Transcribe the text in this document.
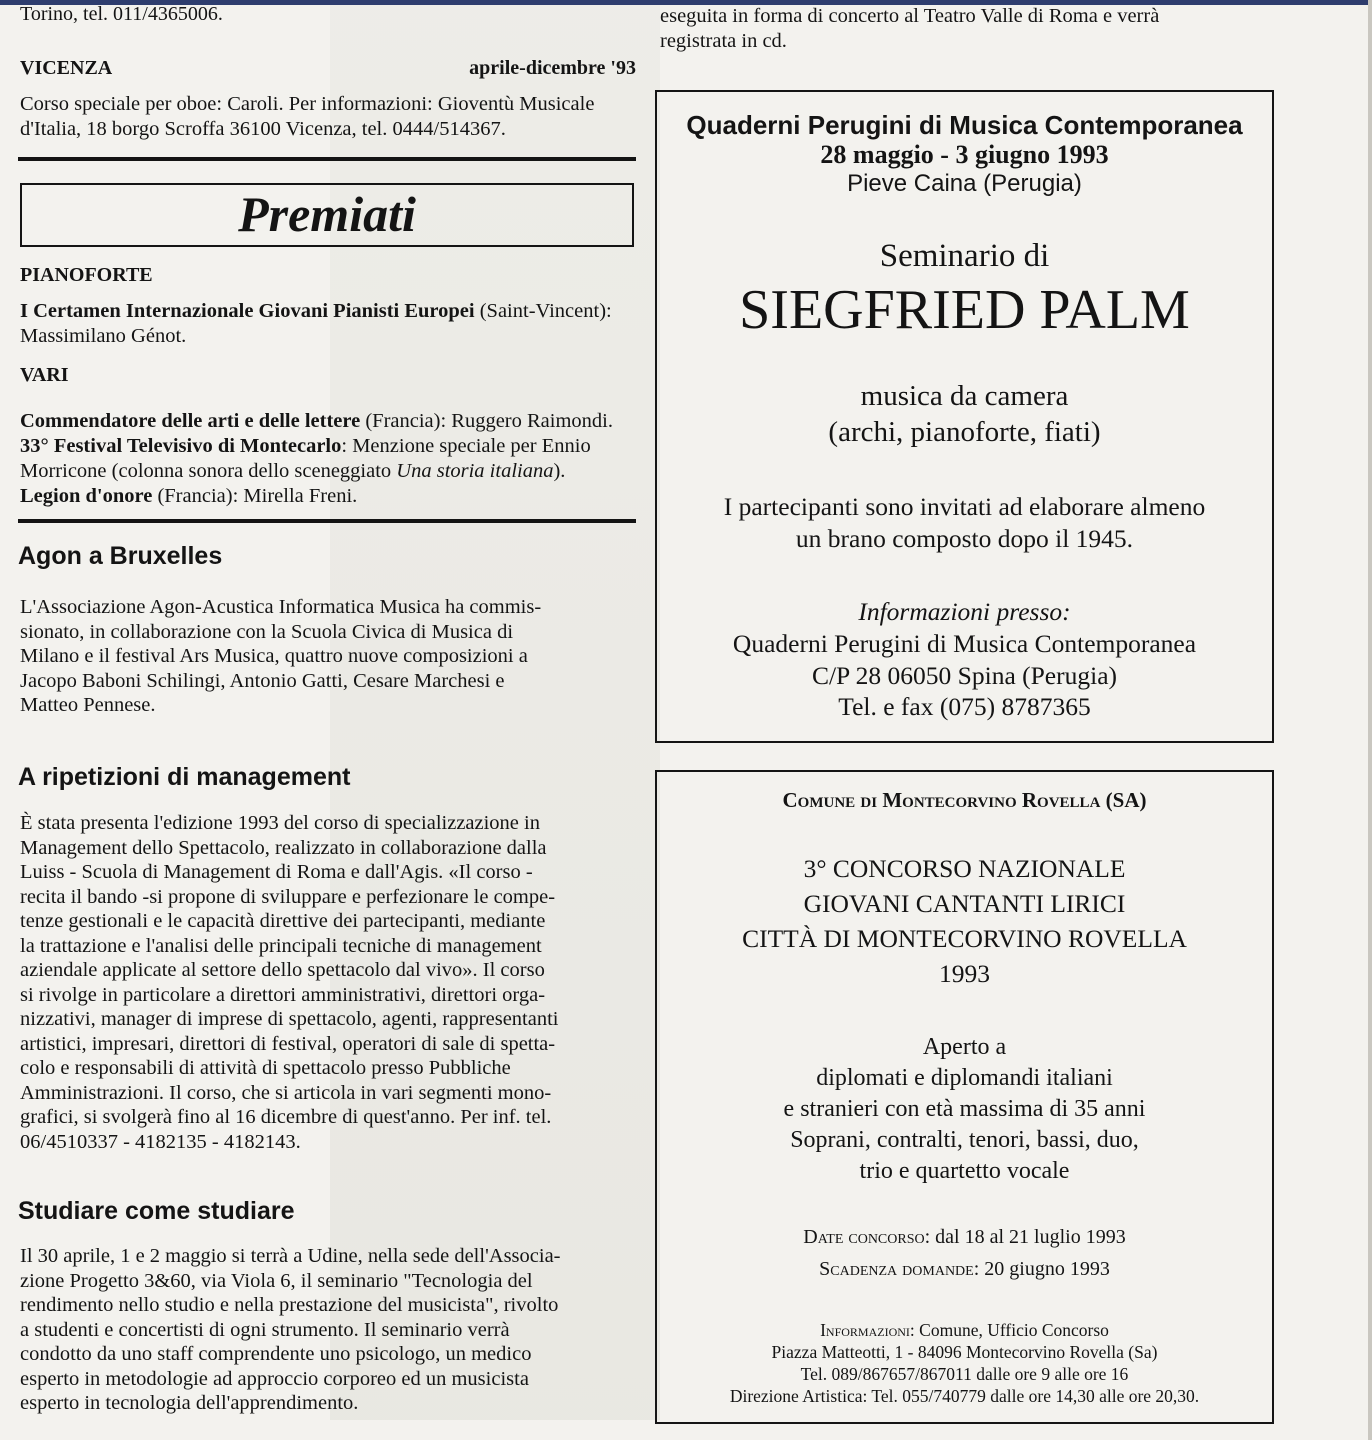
Torino, tel. 011/4365006.
VICENZA	aprile-dicembre '93
Corso speciale per oboe: Caroli. Per informazioni: Gioventù Musicale
d'Italia, 18 borgo Scroffa 36100 Vicenza, tel. 0444/514367.
Premiati
PIANOFORTE
I Certamen Internazionale Giovani Pianisti Europei (Saint-Vincent):
Massimilano Génot.
VARI
Commendatore delle arti e delle lettere (Francia): Ruggero Raimondi.
33° Festival Televisivo di Montecarlo: Menzione speciale per Ennio
Morricone (colonna sonora dello sceneggiato Una storia italiana).
Legion d'onore (Francia): Mirella Freni.
Agon a Bruxelles
L'Associazione Agon-Acustica Informatica Musica ha commis-
sionato, in collaborazione con la Scuola Civica di Musica di
Milano e il festival Ars Musica, quattro nuove composizioni a
Jacopo Baboni Schilingi, Antonio Gatti, Cesare Marchesi e
Matteo Pennese.
A ripetizioni di management
È stata presenta l'edizione 1993 del corso di specializzazione in
Management dello Spettacolo, realizzato in collaborazione dalla
Luiss - Scuola di Management di Roma e dall'Agis. «Il corso -
recita il bando -si propone di sviluppare e perfezionare le compe-
tenze gestionali e le capacità direttive dei partecipanti, mediante
la trattazione e l'analisi delle principali tecniche di management
aziendale applicate al settore dello spettacolo dal vivo». Il corso
si rivolge in particolare a direttori amministrativi, direttori orga-
nizzativi, manager di imprese di spettacolo, agenti, rappresentanti
artistici, impresari, direttori di festival, operatori di sale di spetta-
colo e responsabili di attività di spettacolo presso Pubbliche
Amministrazioni. Il corso, che si articola in vari segmenti mono-
grafici, si svolgerà fino al 16 dicembre di quest'anno. Per inf. tel.
06/4510337 - 4182135 - 4182143.
Studiare come studiare
Il 30 aprile, 1 e 2 maggio si terrà a Udine, nella sede dell'Associa-
zione Progetto 3&60, via Viola 6, il seminario "Tecnologia del
rendimento nello studio e nella prestazione del musicista", rivolto
a studenti e concertisti di ogni strumento. Il seminario verrà
condotto da uno staff comprendente uno psicologo, un medico
esperto in metodologie ad approccio corporeo ed un musicista
esperto in tecnologia dell'apprendimento.
eseguita in forma di concerto al Teatro Valle di Roma e verrà
registrata in cd.
Quaderni Perugini di Musica Contemporanea
28 maggio - 3 giugno 1993
Pieve Caina (Perugia)
Seminario di
SIEGFRIED PALM
musica da camera
(archi, pianoforte, fiati)
I partecipanti sono invitati ad elaborare almeno
un brano composto dopo il 1945.
Informazioni presso:
Quaderni Perugini di Musica Contemporanea
C/P 28 06050 Spina (Perugia)
Tel. e fax (075) 8787365
Comune di Montecorvino Rovella (SA)
3° CONCORSO NAZIONALE
GIOVANI CANTANTI LIRICI
CITTÀ DI MONTECORVINO ROVELLA
1993
Aperto a
diplomati e diplomandi italiani
e stranieri con età massima di 35 anni
Soprani, contralti, tenori, bassi, duo,
trio e quartetto vocale
Date concorso: dal 18 al 21 luglio 1993
Scadenza domande: 20 giugno 1993
Informazioni: Comune, Ufficio Concorso
Piazza Matteotti, 1 - 84096 Montecorvino Rovella (Sa)
Tel. 089/867657/867011 dalle ore 9 alle ore 16
Direzione Artistica: Tel. 055/740779 dalle ore 14,30 alle ore 20,30.
